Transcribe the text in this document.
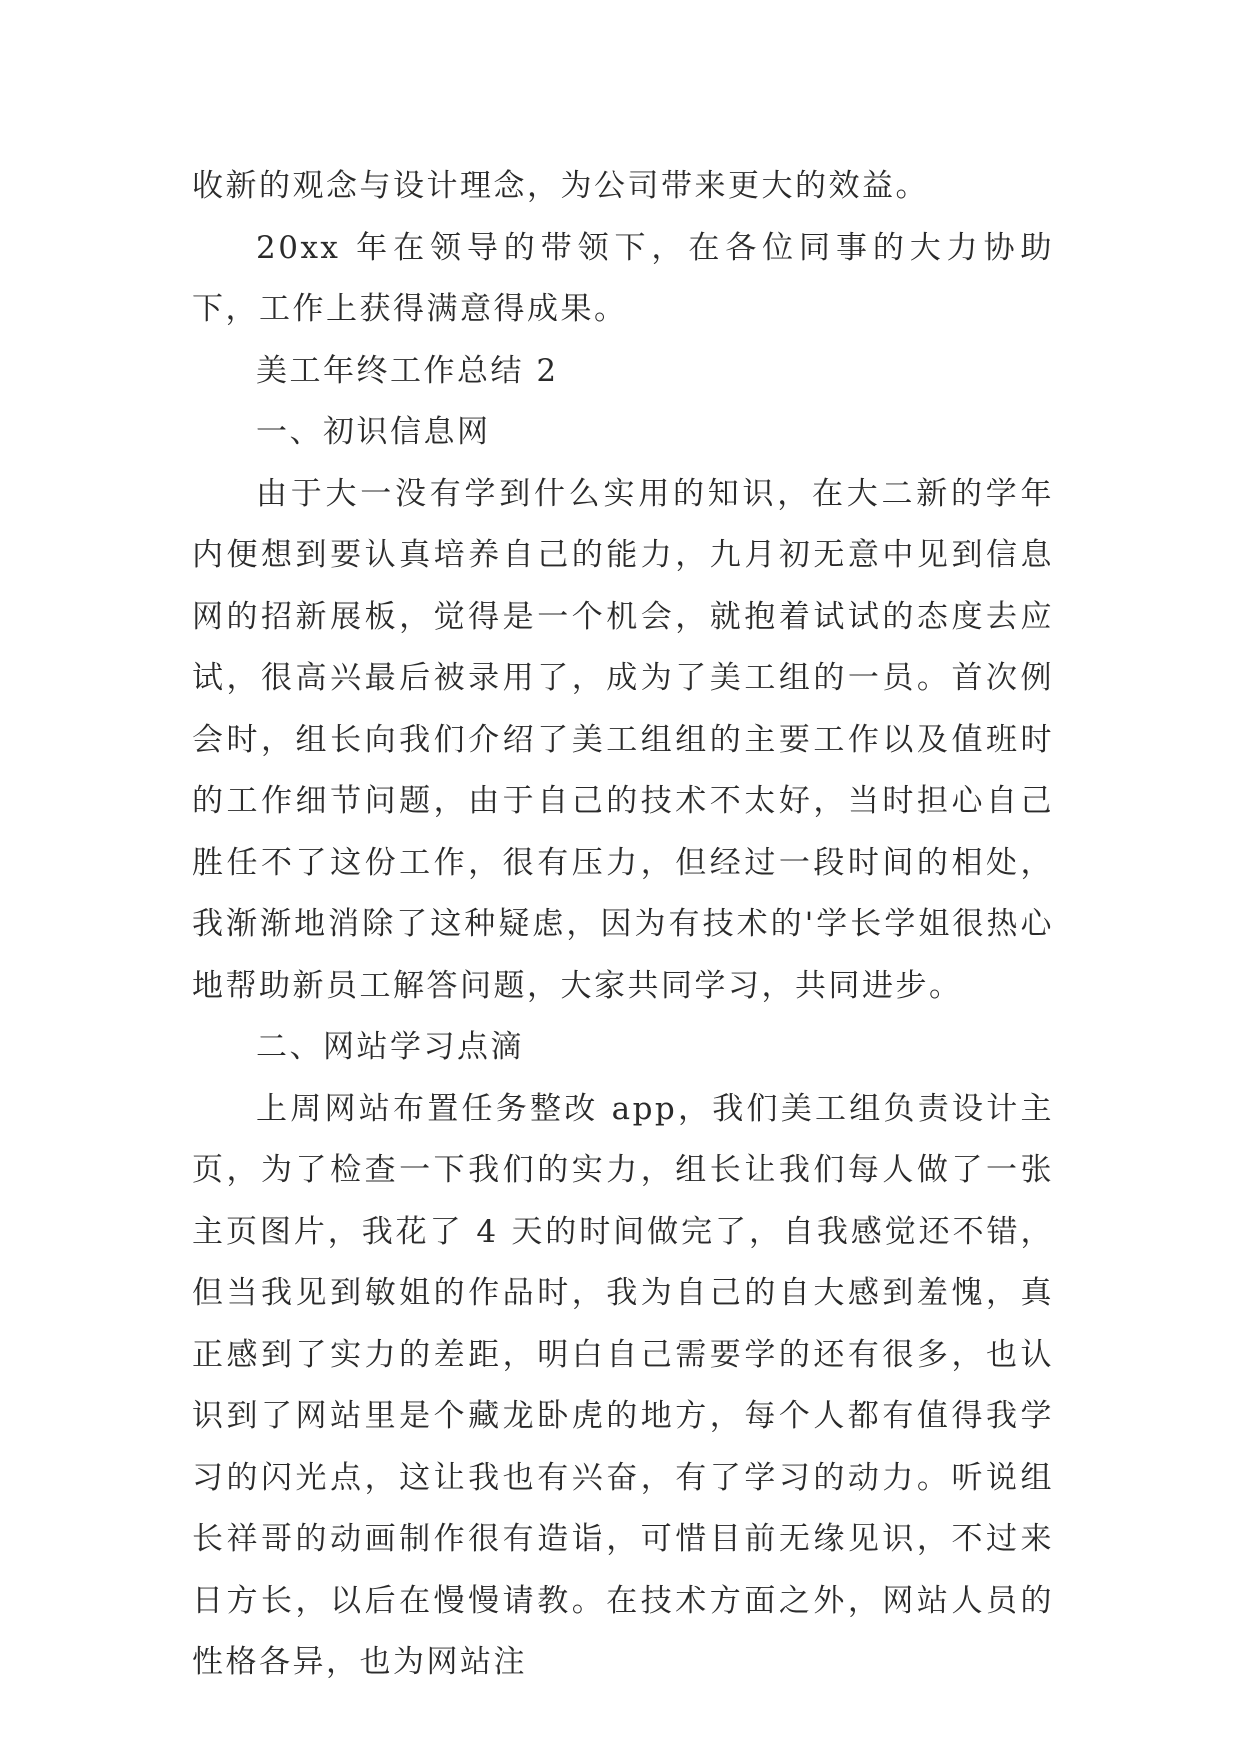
收新的观念与设计理念，为公司带来更大的效益。

20xx 年在领导的带领下，在各位同事的大力协助下，工作上获得满意得成果。

美工年终工作总结 2

一、初识信息网

由于大一没有学到什么实用的知识，在大二新的学年内便想到要认真培养自己的能力，九月初无意中见到信息网的招新展板，觉得是一个机会，就抱着试试的态度去应试，很高兴最后被录用了，成为了美工组的一员。首次例会时，组长向我们介绍了美工组组的主要工作以及值班时的工作细节问题，由于自己的技术不太好，当时担心自己胜任不了这份工作，很有压力，但经过一段时间的相处，我渐渐地消除了这种疑虑，因为有技术的'学长学姐很热心地帮助新员工解答问题，大家共同学习，共同进步。

二、网站学习点滴

上周网站布置任务整改 app，我们美工组负责设计主页，为了检查一下我们的实力，组长让我们每人做了一张主页图片，我花了 4 天的时间做完了，自我感觉还不错，但当我见到敏姐的作品时，我为自己的自大感到羞愧，真正感到了实力的差距，明白自己需要学的还有很多，也认识到了网站里是个藏龙卧虎的地方，每个人都有值得我学习的闪光点，这让我也有兴奋，有了学习的动力。听说组长祥哥的动画制作很有造诣，可惜目前无缘见识，不过来日方长，以后在慢慢请教。在技术方面之外，网站人员的性格各异，也为网站注
